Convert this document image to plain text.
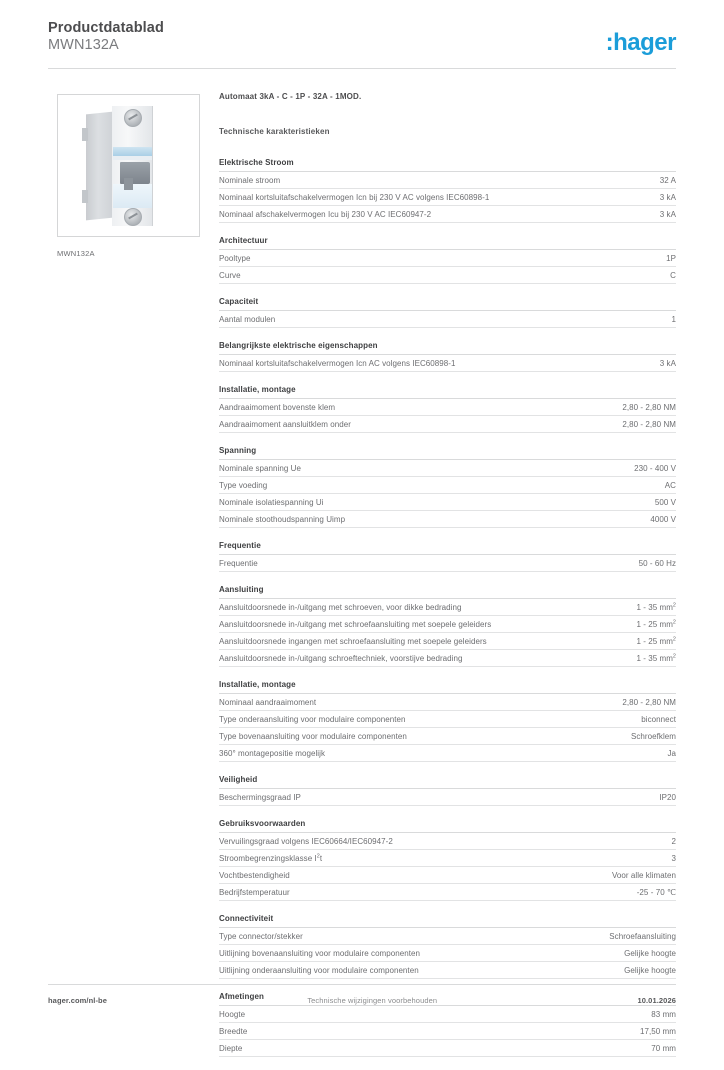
Productdatablad
MWN132A	:hager
MWN132A
Automaat 3kA - C - 1P - 32A - 1MOD.
Technische karakteristieken
Elektrische Stroom
Nominale stroom	32 A
Nominaal kortsluitafschakelvermogen Icn bij 230 V AC volgens IEC60898-1	3 kA
Nominaal afschakelvermogen Icu bij 230 V AC IEC60947-2	3 kA
Architectuur
Pooltype	1P
Curve	C
Capaciteit
Aantal modulen	1
Belangrijkste elektrische eigenschappen
Nominaal kortsluitafschakelvermogen Icn AC volgens IEC60898-1	3 kA
Installatie, montage
Aandraaimoment bovenste klem	2,80 - 2,80 NM
Aandraaimoment aansluitklem onder	2,80 - 2,80 NM
Spanning
Nominale spanning Ue	230 - 400 V
Type voeding	AC
Nominale isolatiespanning Ui	500 V
Nominale stoothoudspanning Uimp	4000 V
Frequentie
Frequentie	50 - 60 Hz
Aansluiting
Aansluitdoorsnede in-/uitgang met schroeven, voor dikke bedrading	1 - 35 $mm^2$
Aansluitdoorsnede in-/uitgang met schroefaansluiting met soepele geleiders	1 - 25 $mm^2$
Aansluitdoorsnede ingangen met schroefaansluiting met soepele geleiders	1 - 25 $mm^2$
Aansluitdoorsnede in-/uitgang schroeftechniek, voorstijve bedrading	1 - 35 $mm^2$
Installatie, montage
Nominaal aandraaimoment	2,80 - 2,80 NM
Type onderaansluiting voor modulaire componenten	biconnect
Type bovenaansluiting voor modulaire componenten	Schroefklem
360° montagepositie mogelijk	Ja
Veiligheid
Beschermingsgraad IP	IP20
Gebruiksvoorwaarden
Vervuilingsgraad volgens IEC60664/IEC60947-2	2
Stroombegrenzingsklasse $I^2t$	3
Vochtbestendigheid	Voor alle klimaten
Bedrijfstemperatuur	-25 - 70 ℃
Connectiviteit
Type connector/stekker	Schroefaansluiting
Uitlijning bovenaansluiting voor modulaire componenten	Gelijke hoogte
Uitlijning onderaansluiting voor modulaire componenten	Gelijke hoogte
Afmetingen
Hoogte	83 mm
Breedte	17,50 mm
Diepte	70 mm
hager.com/nl-be	Technische wijzigingen voorbehouden	10.01.2026
